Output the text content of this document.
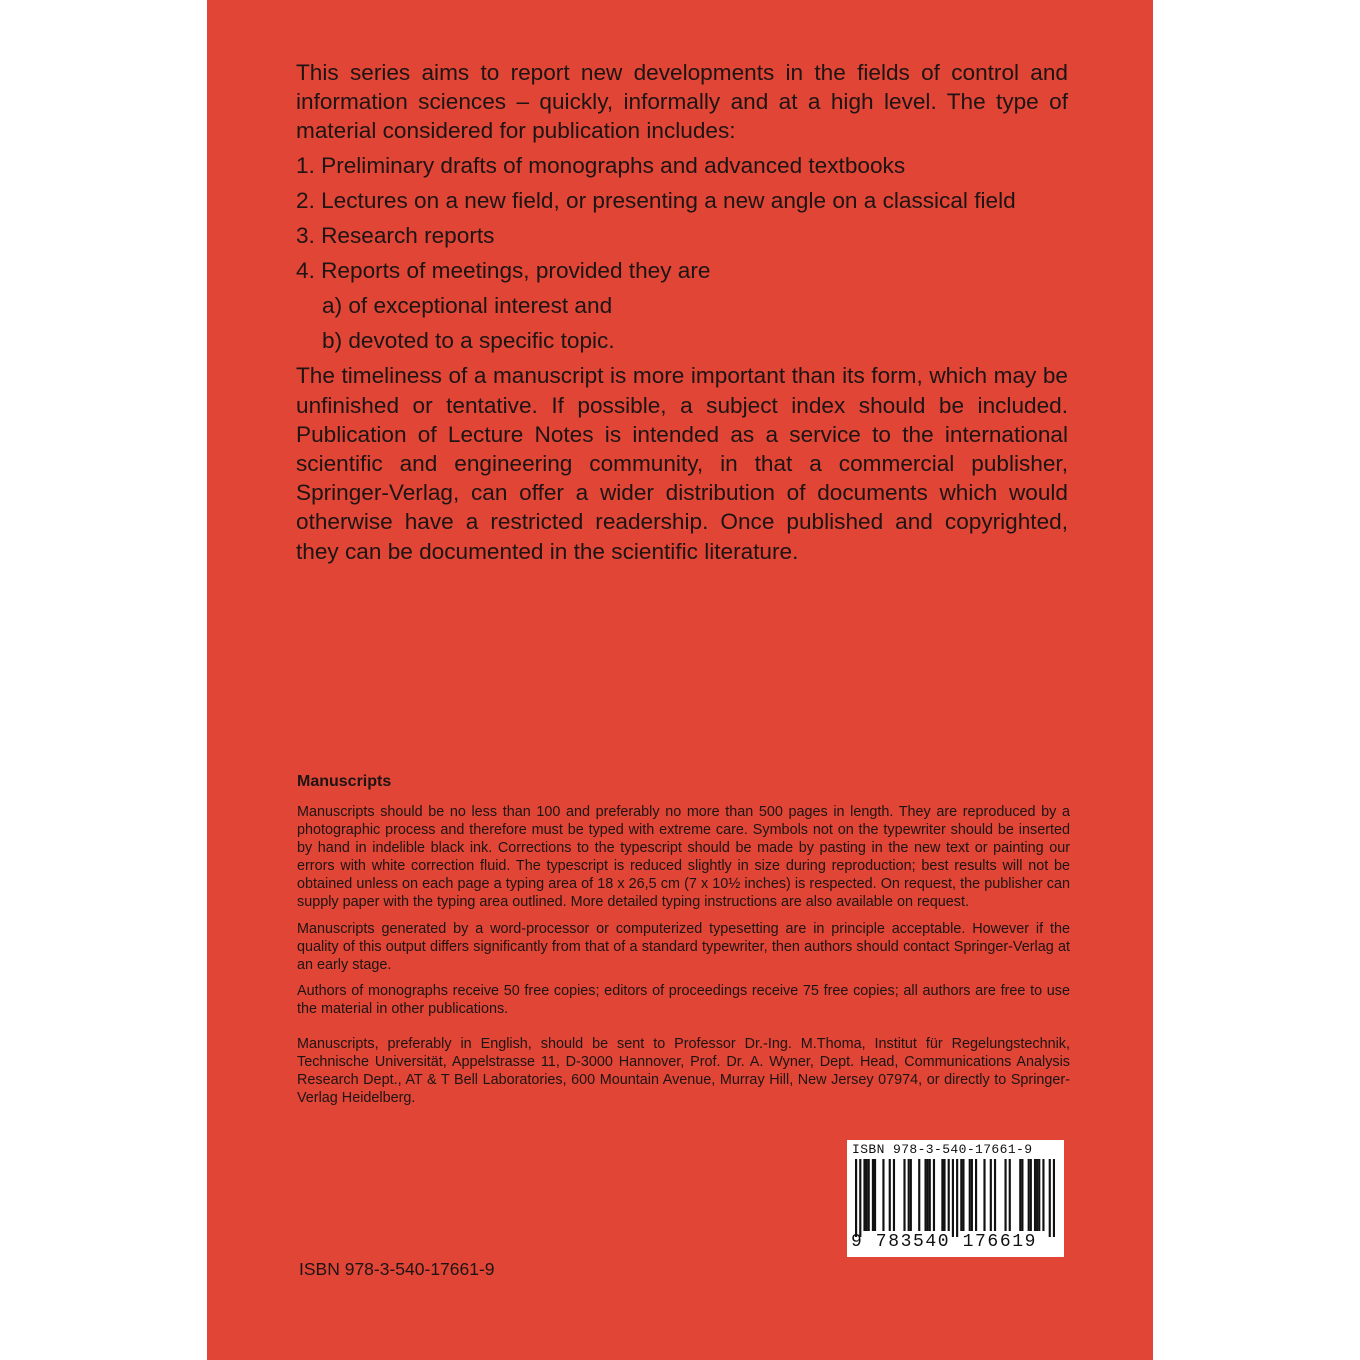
This series aims to report new developments in the fields of control and information sciences – quickly, informally and at a high level. The type of material considered for publication includes:

1. Preliminary drafts of monographs and advanced textbooks
2. Lectures on a new field, or presenting a new angle on a classical field
3. Research reports
4. Reports of meetings, provided they are
a) of exceptional interest and
b) devoted to a specific topic.

The timeliness of a manuscript is more important than its form, which may be unfinished or tentative. If possible, a subject index should be included. Publication of Lecture Notes is intended as a service to the international scientific and engineering community, in that a commercial publisher, Springer-Verlag, can offer a wider distribution of documents which would otherwise have a restricted readership. Once published and copyrighted, they can be documented in the scientific literature.

Manuscripts

Manuscripts should be no less than 100 and preferably no more than 500 pages in length. They are reproduced by a photographic process and therefore must be typed with extreme care. Symbols not on the typewriter should be inserted by hand in indelible black ink. Corrections to the typescript should be made by pasting in the new text or painting our errors with white correction fluid. The typescript is reduced slightly in size during reproduction; best results will not be obtained unless on each page a typing area of 18 x 26,5 cm (7 x 10½ inches) is respected. On request, the publisher can supply paper with the typing area outlined. More detailed typing instructions are also available on request.

Manuscripts generated by a word-processor or computerized typesetting are in principle acceptable. However if the quality of this output differs significantly from that of a standard typewriter, then authors should contact Springer-Verlag at an early stage.

Authors of monographs receive 50 free copies; editors of proceedings receive 75 free copies; all authors are free to use the material in other publications.

Manuscripts, preferably in English, should be sent to Professor Dr.-Ing. M.Thoma, Institut für Regelungstechnik, Technische Universität, Appelstrasse 11, D-3000 Hannover, Prof. Dr. A. Wyner, Dept. Head, Communications Analysis Research Dept., AT & T Bell Laboratories, 600 Mountain Avenue, Murray Hill, New Jersey 07974, or directly to Springer-Verlag Heidelberg.

ISBN 978-3-540-17661-9
9 783540 176619
ISBN 978-3-540-17661-9
